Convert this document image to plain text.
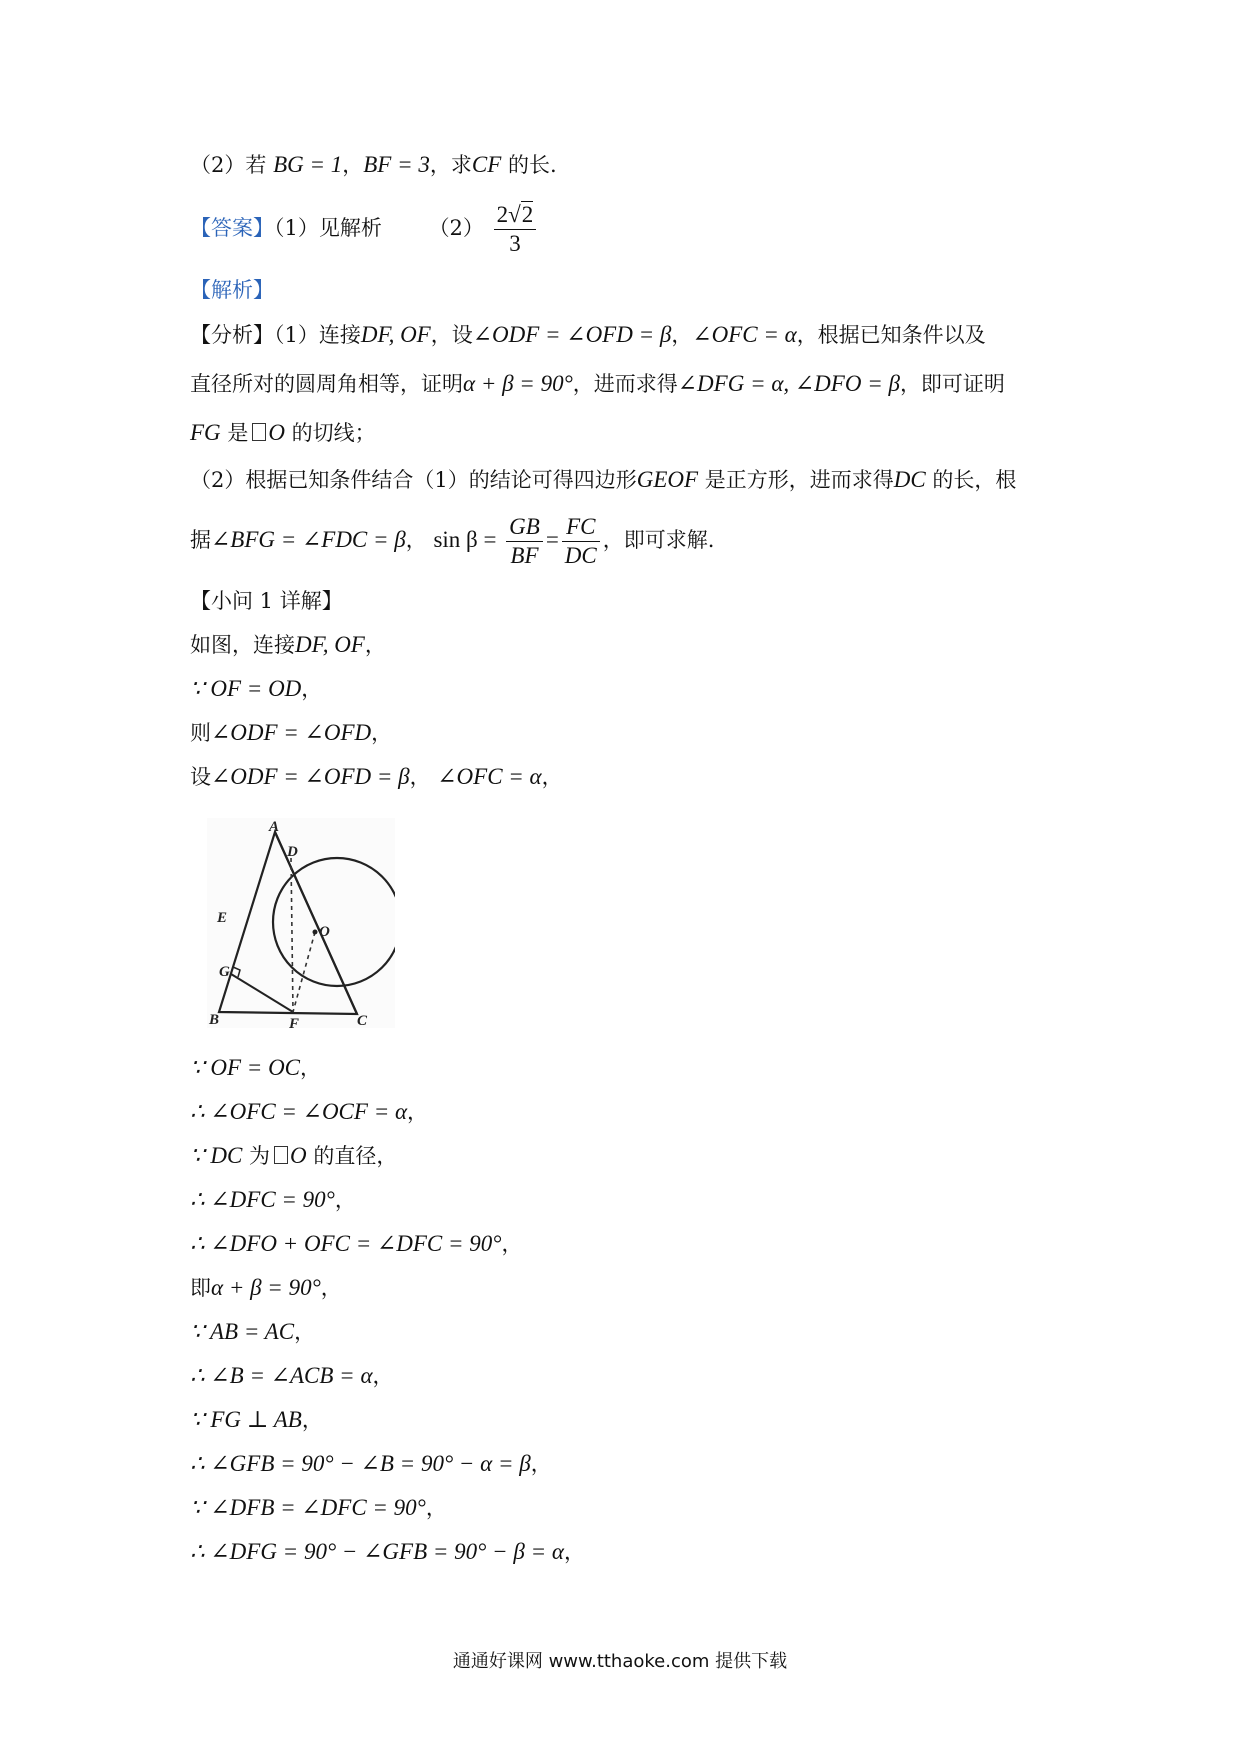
（2）若 BG = 1，BF = 3，求CF 的长.
【答案】（1）见解析 $(2) \frac{2√2}{3}$
【解析】
【分析】（1）连接DF, OF，设∠ODF = ∠OFD = β，∠OFC = α，根据已知条件以及
直径所对的圆周角相等，证明α + β = 90°，进而求得∠DFG = α, ∠DFO = β，即可证明
FG 是 O 的切线；
（2）根据已知条件结合（1）的结论可得四边形GEOF 是正方形，进而求得DC 的长，根
据∠BFG = ∠FDC = β， $\sin \beta = \frac{GB}{BF} = \frac{FC}{DC}$ ，即可求解.
【小问 1 详解】
如图，连接DF, OF，
∵ OF = OD，
则∠ODF = ∠OFD，
设∠ODF = ∠OFD = β， ∠OFC = α，
A
D
E
O
G
B	F	C
∵ OF = OC，
∴ ∠OFC = ∠OCF = α，
∵ DC 为 O 的直径，
∴ ∠DFC = 90°，
∴ ∠DFO + OFC = ∠DFC = 90°，
即α + β = 90°，
∵ AB = AC，
∴ ∠B = ∠ACB = α，
∵ FG ⊥ AB，
∴ ∠GFB = 90° − ∠B = 90° − α = β，
∵ ∠DFB = ∠DFC = 90°，
∴ ∠DFG = 90° − ∠GFB = 90° − β = α，
通通好课网 www.tthaoke.com 提供下载
